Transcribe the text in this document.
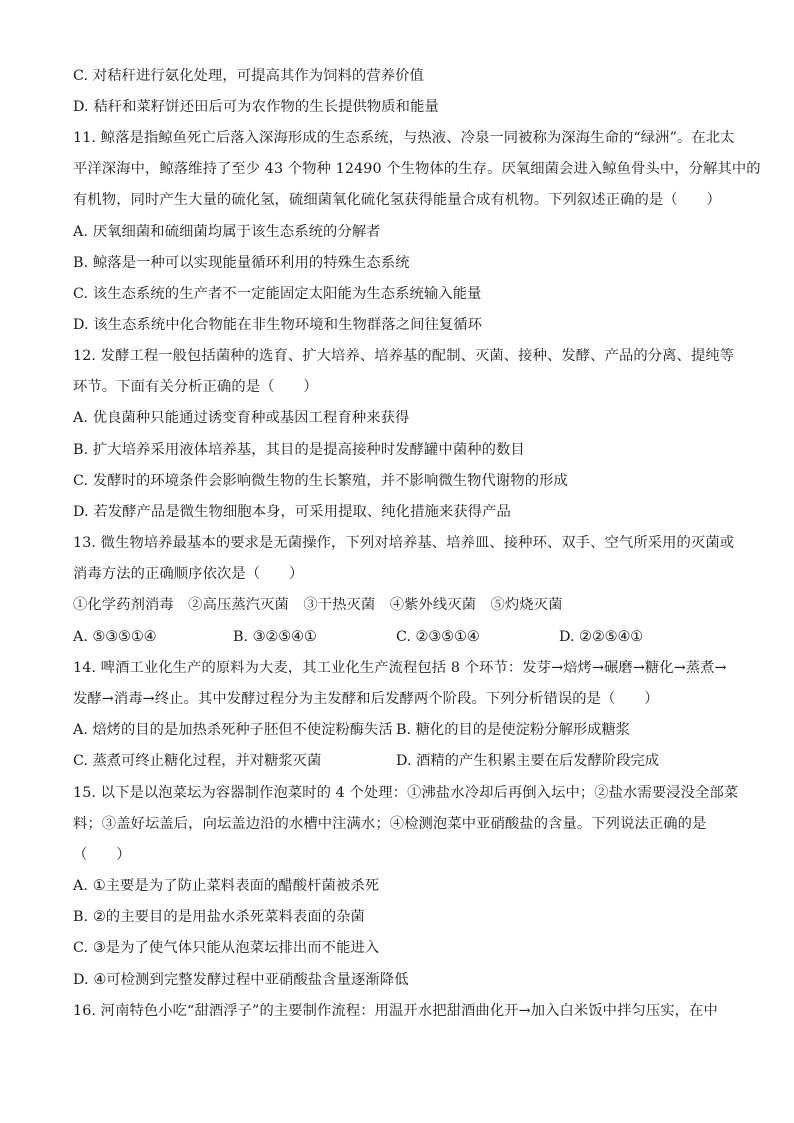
C. 对秸秆进行氨化处理，可提高其作为饲料的营养价值
D. 秸秆和菜籽饼还田后可为农作物的生长提供物质和能量
11. 鲸落是指鲸鱼死亡后落入深海形成的生态系统，与热液、冷泉一同被称为深海生命的“绿洲”。在北太
平洋深海中，鲸落维持了至少 43 个物种 12490 个生物体的生存。厌氧细菌会进入鲸鱼骨头中，分解其中的
有机物，同时产生大量的硫化氢，硫细菌氧化硫化氢获得能量合成有机物。下列叙述正确的是（　　）
A. 厌氧细菌和硫细菌均属于该生态系统的分解者
B. 鲸落是一种可以实现能量循环利用的特殊生态系统
C. 该生态系统的生产者不一定能固定太阳能为生态系统输入能量
D. 该生态系统中化合物能在非生物环境和生物群落之间往复循环
12. 发酵工程一般包括菌种的选育、扩大培养、培养基的配制、灭菌、接种、发酵、产品的分离、提纯等
环节。下面有关分析正确的是（　　）
A. 优良菌种只能通过诱变育种或基因工程育种来获得
B. 扩大培养采用液体培养基，其目的是提高接种时发酵罐中菌种的数目
C. 发酵时的环境条件会影响微生物的生长繁殖，并不影响微生物代谢物的形成
D. 若发酵产品是微生物细胞本身，可采用提取、纯化措施来获得产品
13. 微生物培养最基本的要求是无菌操作，下列对培养基、培养皿、接种环、双手、空气所采用的灭菌或
消毒方法的正确顺序依次是（　　）
①化学药剂消毒　②高压蒸汽灭菌　③干热灭菌　④紫外线灭菌　⑤灼烧灭菌
A. ⑤③⑤①④	B. ③②⑤④①	C. ②③⑤①④	D. ②②⑤④①
14. 啤酒工业化生产的原料为大麦，其工业化生产流程包括 8 个环节：发芽→焙烤→碾磨→糖化→蒸煮→
发酵→消毒→终止。其中发酵过程分为主发酵和后发酵两个阶段。下列分析错误的是（　　）
A. 焙烤的目的是加热杀死种子胚但不使淀粉酶失活 B. 糖化的目的是使淀粉分解形成糖浆
C. 蒸煮可终止糖化过程，并对糖浆灭菌	D. 酒精的产生积累主要在后发酵阶段完成
15. 以下是以泡菜坛为容器制作泡菜时的 4 个处理：①沸盐水冷却后再倒入坛中；②盐水需要浸没全部菜
料；③盖好坛盖后，向坛盖边沿的水槽中注满水；④检测泡菜中亚硝酸盐的含量。下列说法正确的是
（　　）
A. ①主要是为了防止菜料表面的醋酸杆菌被杀死
B. ②的主要目的是用盐水杀死菜料表面的杂菌
C. ③是为了使气体只能从泡菜坛排出而不能进入
D. ④可检测到完整发酵过程中亚硝酸盐含量逐渐降低
16. 河南特色小吃“甜酒浮子”的主要制作流程：用温开水把甜酒曲化开→加入白米饭中拌匀压实，在中
